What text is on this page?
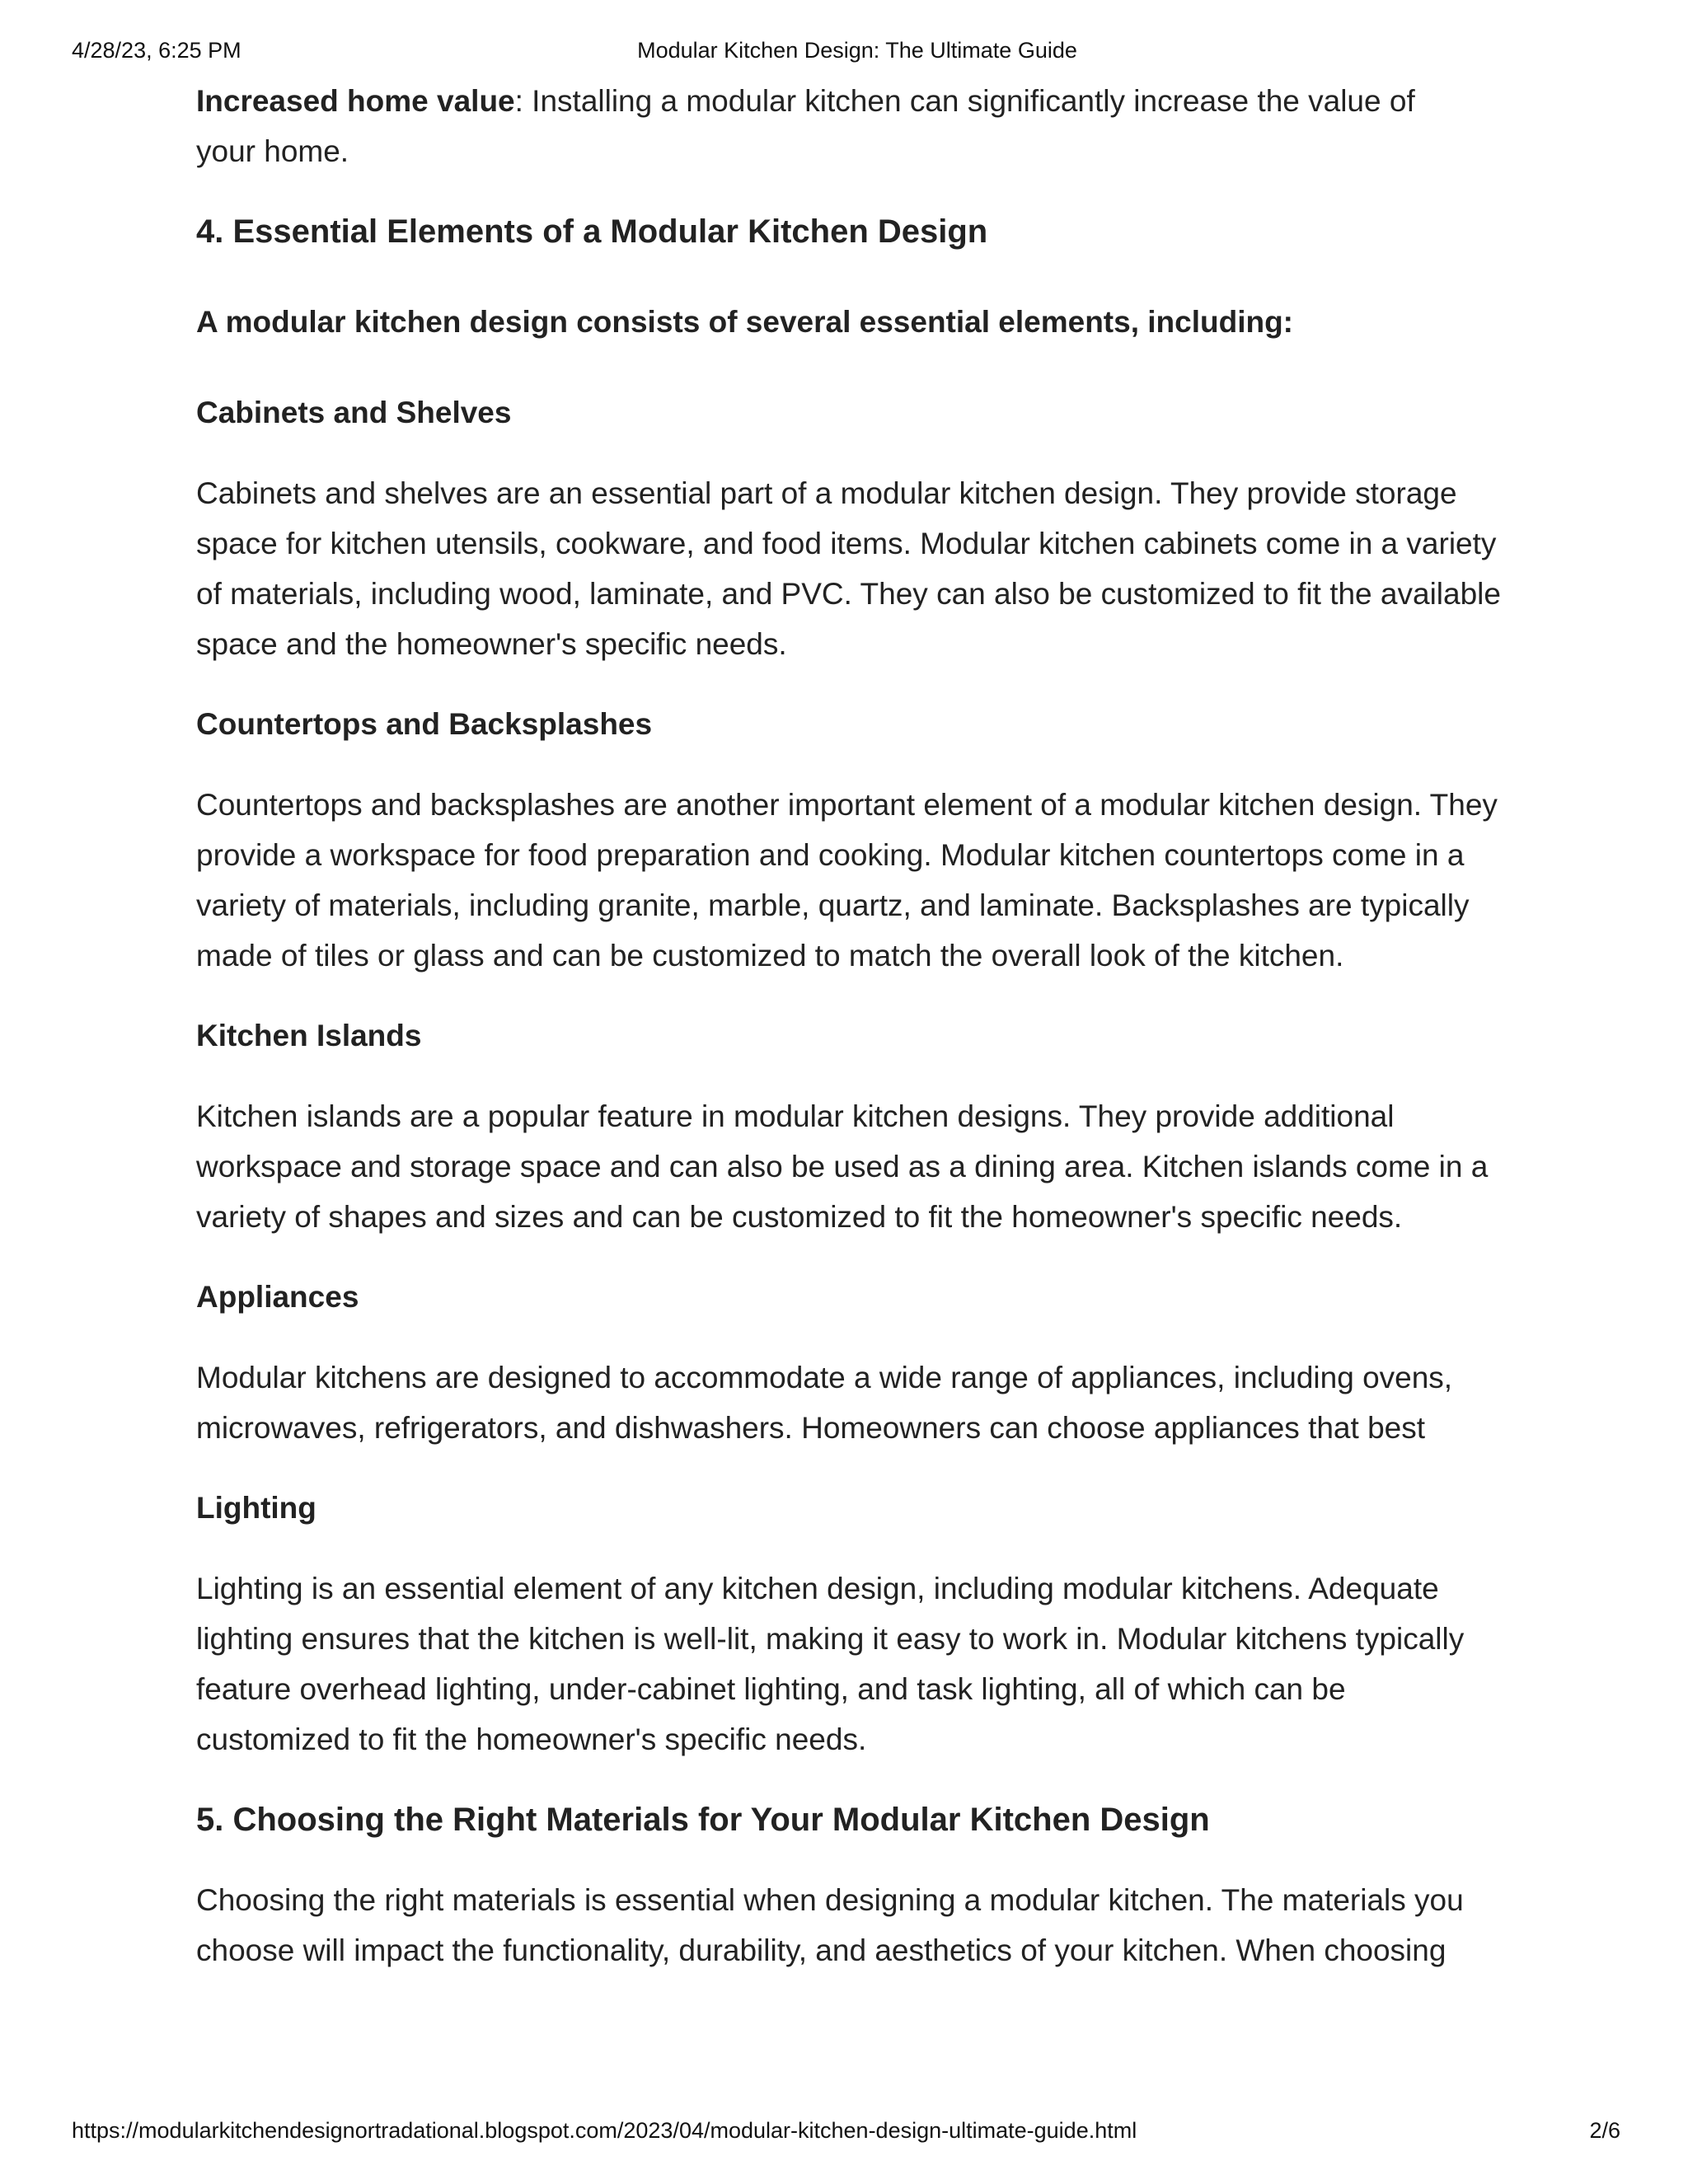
4/28/23, 6:25 PM	Modular Kitchen Design: The Ultimate Guide

Increased home value: Installing a modular kitchen can significantly increase the value of your home.

4. Essential Elements of a Modular Kitchen Design
A modular kitchen design consists of several essential elements, including:
Cabinets and Shelves

Cabinets and shelves are an essential part of a modular kitchen design. They provide storage space for kitchen utensils, cookware, and food items. Modular kitchen cabinets come in a variety of materials, including wood, laminate, and PVC. They can also be customized to fit the available space and the homeowner's specific needs.

Countertops and Backsplashes

Countertops and backsplashes are another important element of a modular kitchen design. They provide a workspace for food preparation and cooking. Modular kitchen countertops come in a variety of materials, including granite, marble, quartz, and laminate. Backsplashes are typically made of tiles or glass and can be customized to match the overall look of the kitchen.

Kitchen Islands

Kitchen islands are a popular feature in modular kitchen designs. They provide additional workspace and storage space and can also be used as a dining area. Kitchen islands come in a variety of shapes and sizes and can be customized to fit the homeowner's specific needs.

Appliances

Modular kitchens are designed to accommodate a wide range of appliances, including ovens, microwaves, refrigerators, and dishwashers. Homeowners can choose appliances that best

Lighting

Lighting is an essential element of any kitchen design, including modular kitchens. Adequate lighting ensures that the kitchen is well-lit, making it easy to work in. Modular kitchens typically feature overhead lighting, under-cabinet lighting, and task lighting, all of which can be customized to fit the homeowner's specific needs.

5. Choosing the Right Materials for Your Modular Kitchen Design

Choosing the right materials is essential when designing a modular kitchen. The materials you choose will impact the functionality, durability, and aesthetics of your kitchen. When choosing

https://modularkitchendesignortradational.blogspot.com/2023/04/modular-kitchen-design-ultimate-guide.html	2/6
